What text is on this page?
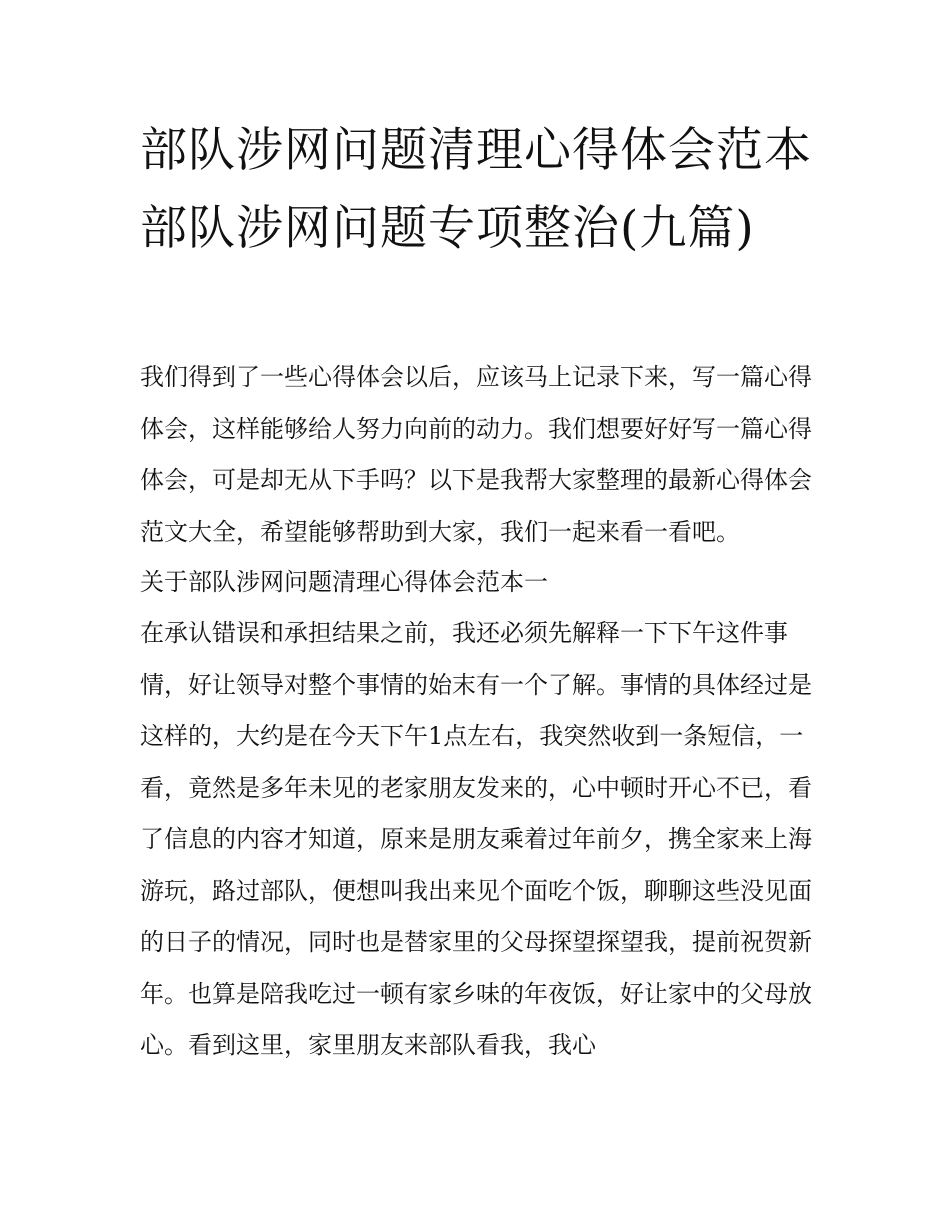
部队涉网问题清理心得体会范本 部队涉网问题专项整治(九篇)

我们得到了一些心得体会以后，应该马上记录下来，写一篇心得体会，这样能够给人努力向前的动力。我们想要好好写一篇心得体会，可是却无从下手吗？以下是我帮大家整理的最新心得体会范文大全，希望能够帮助到大家，我们一起来看一看吧。

关于部队涉网问题清理心得体会范本一

在承认错误和承担结果之前，我还必须先解释一下下午这件事情，好让领导对整个事情的始末有一个了解。事情的具体经过是这样的，大约是在今天下午1点左右，我突然收到一条短信，一看，竟然是多年未见的老家朋友发来的，心中顿时开心不已，看了信息的内容才知道，原来是朋友乘着过年前夕，携全家来上海游玩，路过部队，便想叫我出来见个面吃个饭，聊聊这些没见面的日子的情况，同时也是替家里的父母探望探望我，提前祝贺新年。也算是陪我吃过一顿有家乡味的年夜饭，好让家中的父母放心。看到这里，家里朋友来部队看我，我心
